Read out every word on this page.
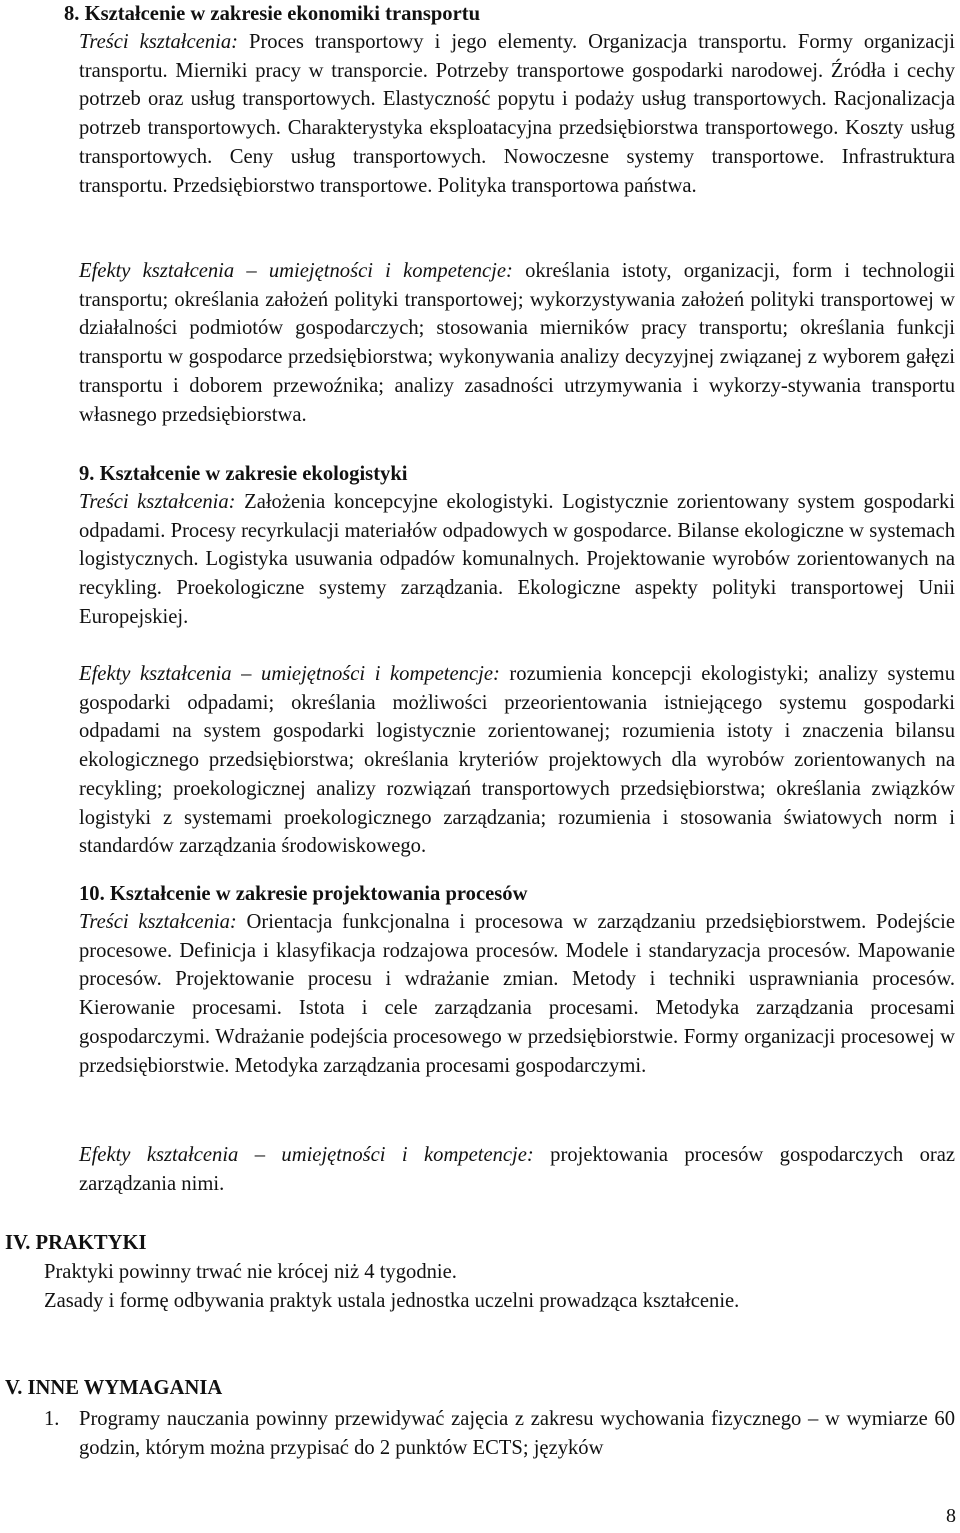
8. Kształcenie w zakresie ekonomiki transportu

Treści kształcenia: Proces transportowy i jego elementy. Organizacja transportu. Formy organizacji transportu. Mierniki pracy w transporcie. Potrzeby transportowe gospodarki narodowej. Źródła i cechy potrzeb oraz usług transportowych. Elastyczność popytu i podaży usług transportowych. Racjonalizacja potrzeb transportowych. Charakterystyka eksploatacyjna przedsiębiorstwa transportowego. Koszty usług transportowych. Ceny usług transportowych. Nowoczesne systemy transportowe. Infrastruktura transportu. Przedsiębiorstwo transportowe. Polityka transportowa państwa.

Efekty kształcenia – umiejętności i kompetencje: określania istoty, organizacji, form i technologii transportu; określania założeń polityki transportowej; wykorzystywania założeń polityki transportowej w działalności podmiotów gospodarczych; stosowania mierników pracy transportu; określania funkcji transportu w gospodarce przedsiębiorstwa; wykonywania analizy decyzyjnej związanej z wyborem gałęzi transportu i doborem przewoźnika; analizy zasadności utrzymywania i wykorzy-stywania transportu własnego przedsiębiorstwa.

9. Kształcenie w zakresie ekologistyki

Treści kształcenia: Założenia koncepcyjne ekologistyki. Logistycznie zorientowany system gospodarki odpadami. Procesy recyrkulacji materiałów odpadowych w gospodarce. Bilanse ekologiczne w systemach logistycznych. Logistyka usuwania odpadów komunalnych. Projektowanie wyrobów zorientowanych na recykling. Proekologiczne systemy zarządzania. Ekologiczne aspekty polityki transportowej Unii Europejskiej.

Efekty kształcenia – umiejętności i kompetencje: rozumienia koncepcji ekologistyki; analizy systemu gospodarki odpadami; określania możliwości przeorientowania istniejącego systemu gospodarki odpadami na system gospodarki logistycznie zorientowanej; rozumienia istoty i znaczenia bilansu ekologicznego przedsiębiorstwa; określania kryteriów projektowych dla wyrobów zorientowanych na recykling; proekologicznej analizy rozwiązań transportowych przedsiębiorstwa; określania związków logistyki z systemami proekologicznego zarządzania; rozumienia i stosowania światowych norm i standardów zarządzania środowiskowego.

10. Kształcenie w zakresie projektowania procesów

Treści kształcenia: Orientacja funkcjonalna i procesowa w zarządzaniu przedsiębiorstwem. Podejście procesowe. Definicja i klasyfikacja rodzajowa procesów. Modele i standaryzacja procesów. Mapowanie procesów. Projektowanie procesu i wdrażanie zmian. Metody i techniki usprawniania procesów. Kierowanie procesami. Istota i cele zarządzania procesami. Metodyka zarządzania procesami gospodarczymi. Wdrażanie podejścia procesowego w przedsiębiorstwie. Formy organizacji procesowej w przedsiębiorstwie. Metodyka zarządzania procesami gospodarczymi.

Efekty kształcenia – umiejętności i kompetencje: projektowania procesów gospodarczych oraz zarządzania nimi.

IV. PRAKTYKI
Praktyki powinny trwać nie krócej niż 4 tygodnie.
Zasady i formę odbywania praktyk ustala jednostka uczelni prowadząca kształcenie.
V. INNE WYMAGANIA
1. Programy nauczania powinny przewidywać zajęcia z zakresu wychowania fizycznego – w wymiarze 60 godzin, którym można przypisać do 2 punktów ECTS; języków

8
